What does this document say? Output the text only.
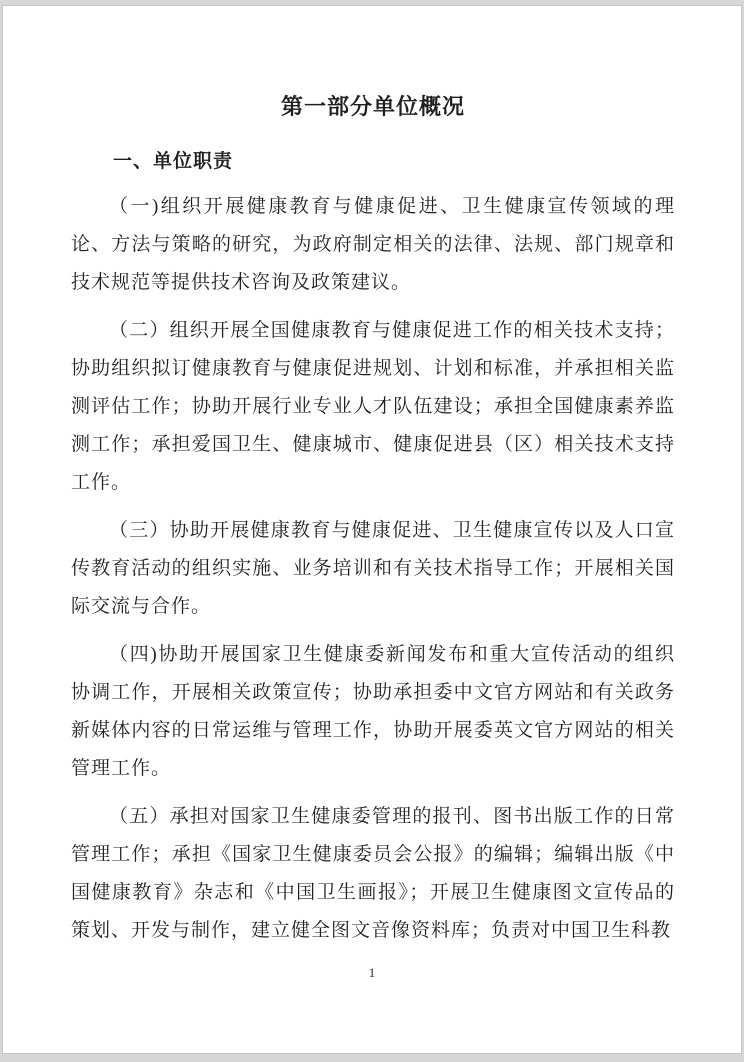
第一部分单位概况
一、单位职责

（一)组织开展健康教育与健康促进、卫生健康宣传领域的理论、方法与策略的研究，为政府制定相关的法律、法规、部门规章和技术规范等提供技术咨询及政策建议。

（二）组织开展全国健康教育与健康促进工作的相关技术支持；协助组织拟订健康教育与健康促进规划、计划和标准，并承担相关监测评估工作；协助开展行业专业人才队伍建设；承担全国健康素养监测工作；承担爱国卫生、健康城市、健康促进县（区）相关技术支持工作。

（三）协助开展健康教育与健康促进、卫生健康宣传以及人口宣传教育活动的组织实施、业务培训和有关技术指导工作；开展相关国际交流与合作。

（四)协助开展国家卫生健康委新闻发布和重大宣传活动的组织协调工作，开展相关政策宣传；协助承担委中文官方网站和有关政务新媒体内容的日常运维与管理工作，协助开展委英文官方网站的相关管理工作。

（五）承担对国家卫生健康委管理的报刊、图书出版工作的日常管理工作；承担《国家卫生健康委员会公报》的编辑；编辑出版《中国健康教育》杂志和《中国卫生画报》；开展卫生健康图文宣传品的策划、开发与制作，建立健全图文音像资料库；负责对中国卫生科教

1
